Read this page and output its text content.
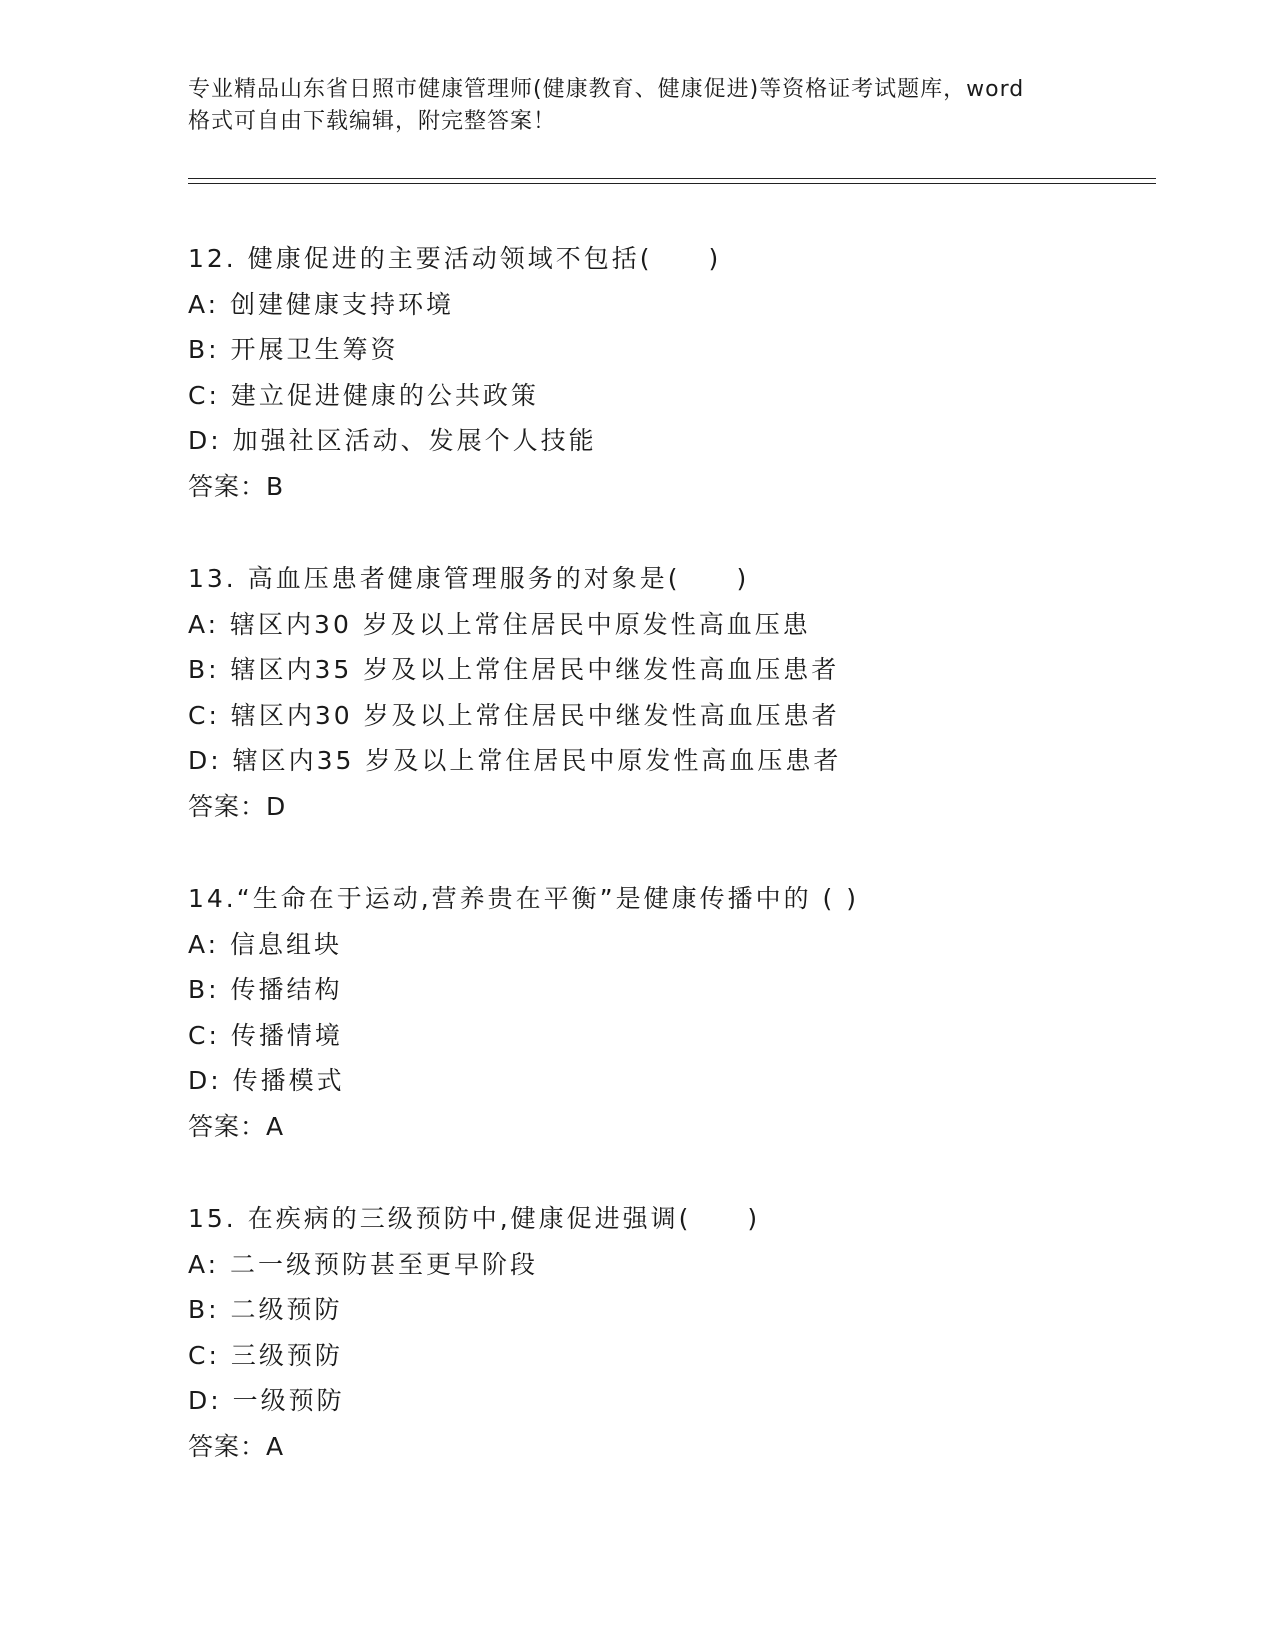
专业精品山东省日照市健康管理师(健康教育、健康促进)等资格证考试题库，word
格式可自由下载编辑，附完整答案！
12. 健康促进的主要活动领域不包括(　　)
A: 创建健康支持环境
B: 开展卫生筹资
C: 建立促进健康的公共政策
D: 加强社区活动、发展个人技能
答案：B
13. 高血压患者健康管理服务的对象是(　　)
A: 辖区内30 岁及以上常住居民中原发性高血压患
B: 辖区内35 岁及以上常住居民中继发性高血压患者
C: 辖区内30 岁及以上常住居民中继发性高血压患者
D: 辖区内35 岁及以上常住居民中原发性高血压患者
答案：D
14.“生命在于运动,营养贵在平衡”是健康传播中的 ( )
A: 信息组块
B: 传播结构
C: 传播情境
D: 传播模式
答案：A
15. 在疾病的三级预防中,健康促进强调(　　)
A: 二一级预防甚至更早阶段
B: 二级预防
C: 三级预防
D: 一级预防
答案：A
